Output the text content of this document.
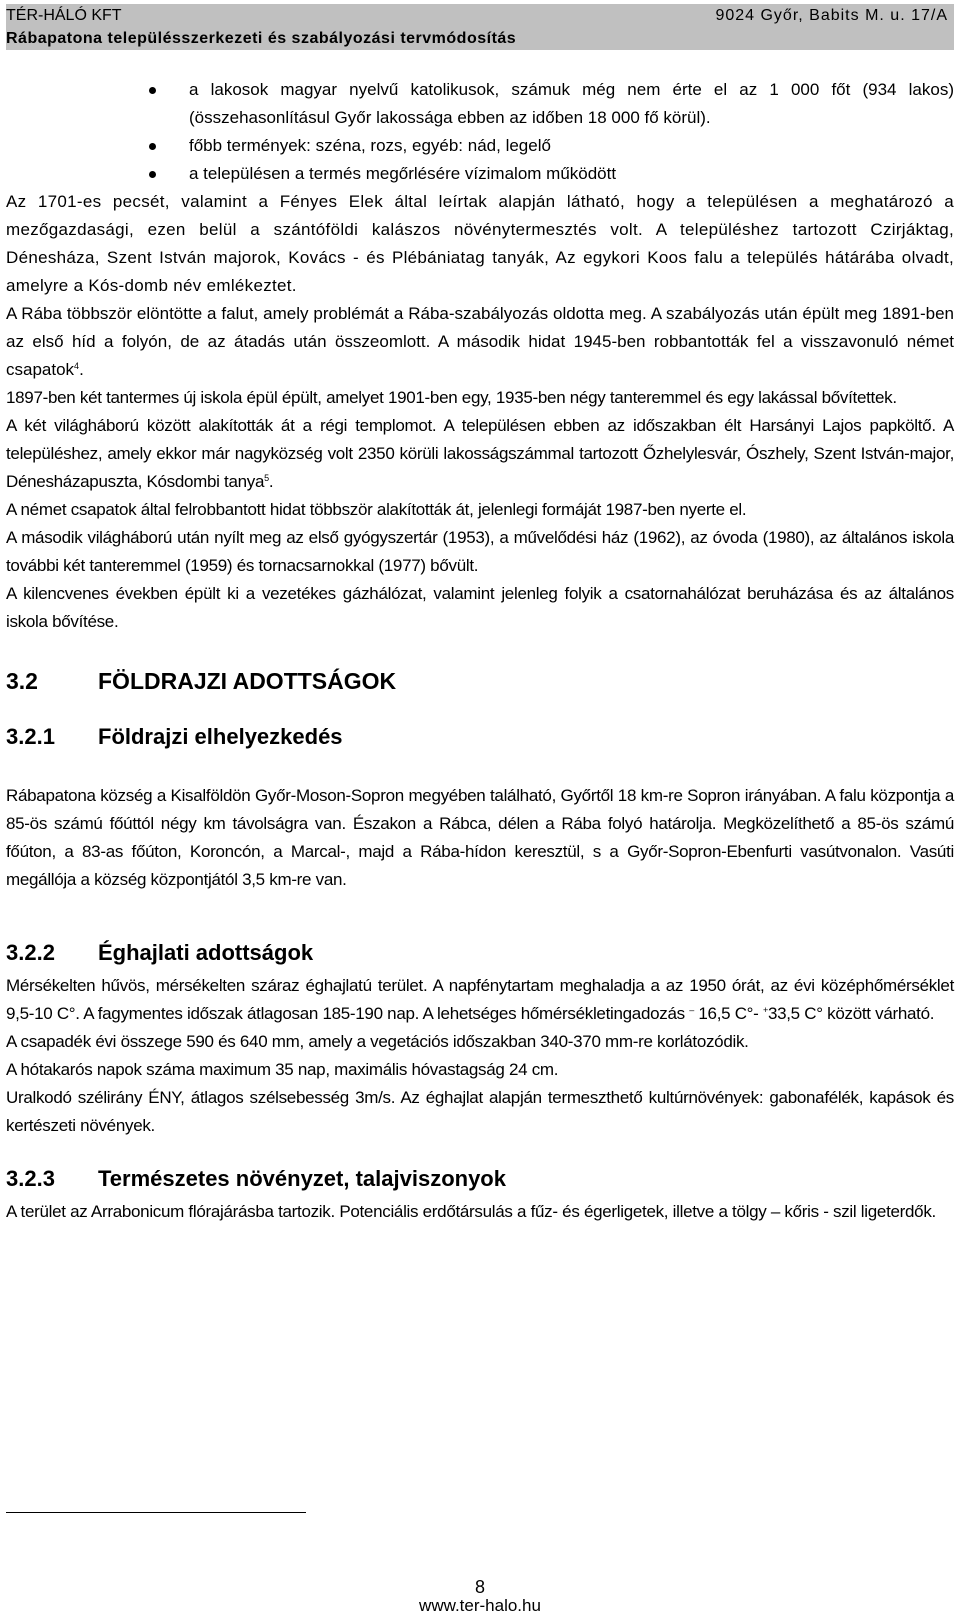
TÉR-HÁLÓ KFT	9024 Győr, Babits M. u. 17/A
Rábapatona településszerkezeti és szabályozási tervmódosítás
a lakosok magyar nyelvű katolikusok, számuk még nem érte el az 1 000 főt (934 lakos) (összehasonlításul Győr lakossága ebben az időben 18 000 fő körül).
főbb termények: széna, rozs, egyéb: nád, legelő
a településen a termés megőrlésére vízimalom működött

Az 1701-es pecsét, valamint a Fényes Elek által leírtak alapján látható, hogy a településen a meghatározó a mezőgazdasági, ezen belül a szántóföldi kalászos növénytermesztés volt. A településhez tartozott Czirjáktag, Dénesháza, Szent István majorok, Kovács - és Plébániatag tanyák, Az egykori Koos falu a település hátárába olvadt, amelyre a Kós-domb név emlékeztet.

A Rába többször elöntötte a falut, amely problémát a Rába-szabályozás oldotta meg. A szabályozás után épült meg 1891-ben az első híd a folyón, de az átadás után összeomlott. A második hidat 1945-ben robbantották fel a visszavonuló német csapatok$^4$.

1897-ben két tantermes új iskola épül épült, amelyet 1901-ben egy, 1935-ben négy tanteremmel és egy lakással bővítettek.

A két világháború között alakították át a régi templomot. A településen ebben az időszakban élt Harsányi Lajos papköltő. A településhez, amely ekkor már nagyközség volt 2350 körüli lakosságszámmal tartozott Őzhelylesvár, Ószhely, Szent István-major, Dénesházapuszta, Kósdombi tanya$^5$.

A német csapatok által felrobbantott hidat többször alakították át, jelenlegi formáját 1987-ben nyerte el.

A második világháború után nyílt meg az első gyógyszertár (1953), a művelődési ház (1962), az óvoda (1980), az általános iskola további két tanteremmel (1959) és tornacsarnokkal (1977) bővült.

A kilencvenes években épült ki a vezetékes gázhálózat, valamint jelenleg folyik a csatornahálózat beruházása és az általános iskola bővítése.

3.2	FÖLDRAJZI ADOTTSÁGOK
3.2.1 Földrajzi elhelyezkedés

Rábapatona község a Kisalföldön Győr-Moson-Sopron megyében található, Győrtől 18 km-re Sopron irányában. A falu központja a 85-ös számú főúttól négy km távolságra van. Északon a Rábca, délen a Rába folyó határolja. Megközelíthető a 85-ös számú főúton, a 83-as főúton, Koroncón, a Marcal-, majd a Rába-hídon keresztül, s a Győr-Sopron-Ebenfurti vasútvonalon. Vasúti megállója a község központjától 3,5 km-re van.

3.2.2 Éghajlati adottságok

Mérsékelten hűvös, mérsékelten száraz éghajlatú terület. A napfénytartam meghaladja a az 1950 órát, az évi középhőmérséklet 9,5-10 C°. A fagymentes időszak átlagosan 185-190 nap. A lehetséges hőmérsékletingadozás – 16,5 C°- +33,5 C° között várható.

A csapadék évi összege 590 és 640 mm, amely a vegetációs időszakban 340-370 mm-re korlátozódik.

A hótakarós napok száma maximum 35 nap, maximális hóvastagság 24 cm.

Uralkodó szélirány ÉNY, átlagos szélsebesség 3m/s. Az éghajlat alapján termeszthető kultúrnövények: gabonafélék, kapások és kertészeti növények.

3.2.3 Természetes növényzet, talajviszonyok

A terület az Arrabonicum flórajárásba tartozik. Potenciális erdőtársulás a fűz- és égerligetek, illetve a tölgy – kőris - szil ligeterdők.

8
www.ter-halo.hu
